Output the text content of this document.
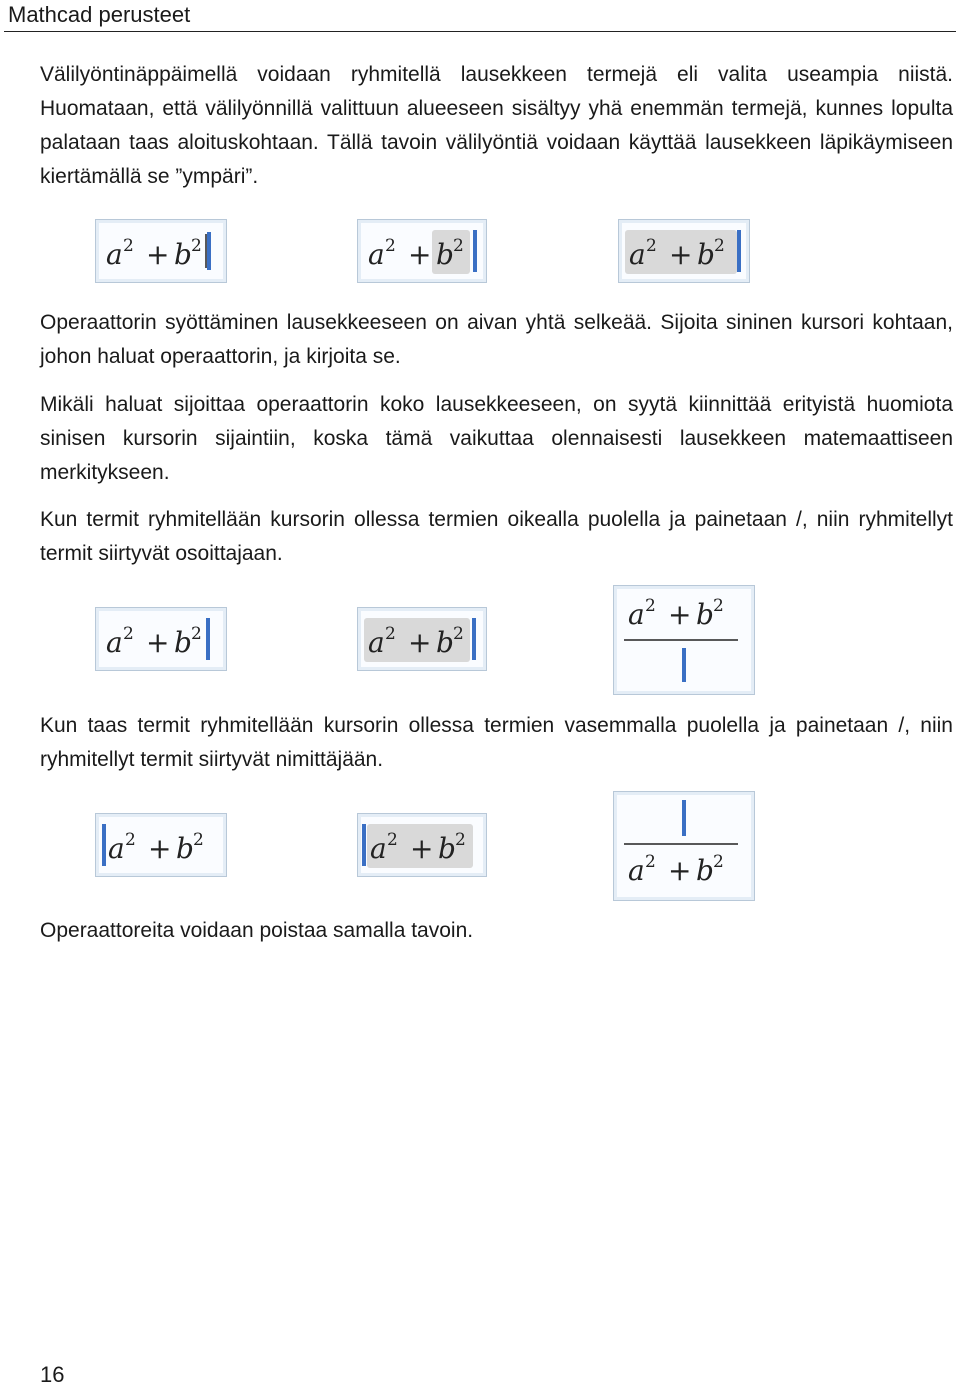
Mathcad perusteet

Välilyöntinäppäimellä voidaan ryhmitellä lausekkeen termejä eli valita useampia niistä. Huomataan, että välilyönnillä valittuun alueeseen sisältyy yhä enemmän termejä, kunnes lopulta palataan taas aloituskohtaan. Tällä tavoin välilyöntiä voidaan käyttää lausekkeen läpikäymiseen kiertämällä se ”ympäri”.

a 2 + b 2	a 2 + b 2	a 2 + b 2

Operaattorin syöttäminen lausekkeeseen on aivan yhtä selkeää. Sijoita sininen kursori kohtaan, johon haluat operaattorin, ja kirjoita se.

Mikäli haluat sijoittaa operaattorin koko lausekkeeseen, on syytä kiinnittää erityistä huomiota sinisen kursorin sijaintiin, koska tämä vaikuttaa olennaisesti lausekkeen matemaattiseen merkitykseen.

Kun termit ryhmitellään kursorin ollessa termien oikealla puolella ja painetaan /, niin ryhmitellyt termit siirtyvät osoittajaan.

a 2 + b 2	a 2 + b 2
a 2 + b 2

Kun taas termit ryhmitellään kursorin ollessa termien vasemmalla puolella ja painetaan /, niin ryhmitellyt termit siirtyvät nimittäjään.

a 2 + b 2	a 2 + b 2
a 2 + b 2

Operaattoreita voidaan poistaa samalla tavoin.

16
